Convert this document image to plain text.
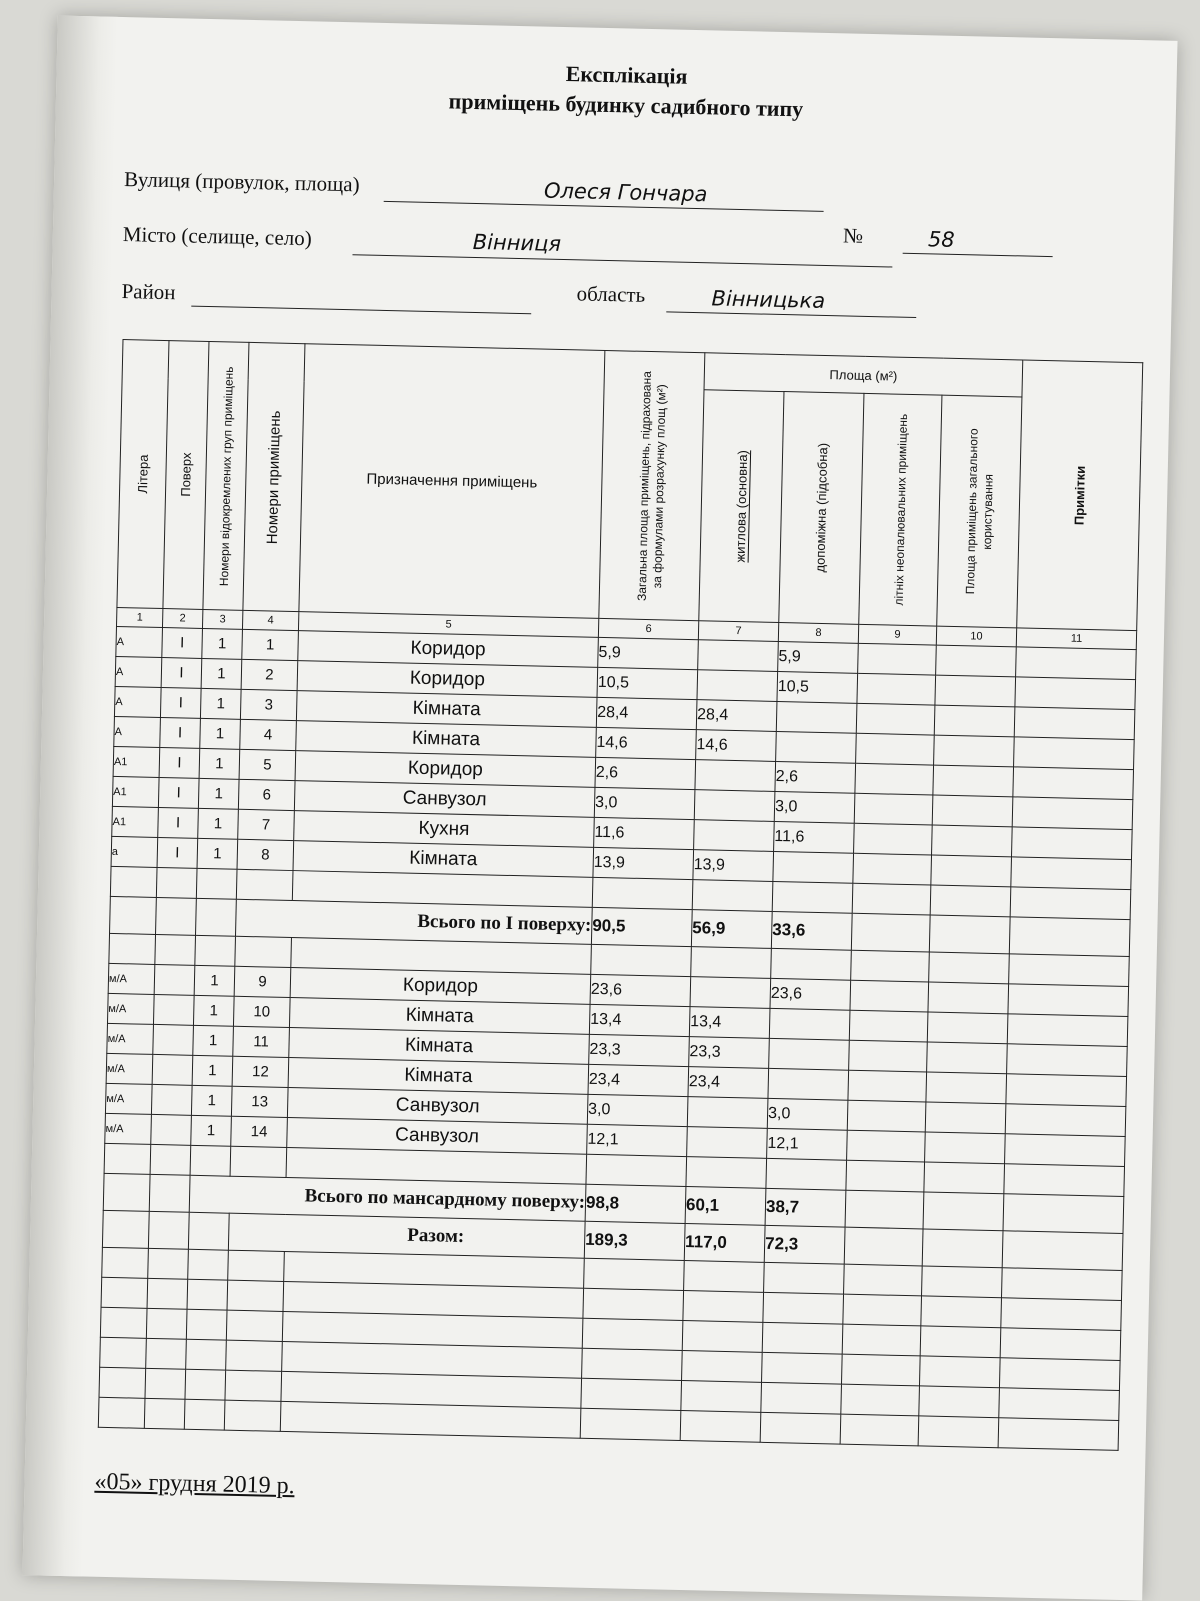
Експлікація
приміщень будинку садибного типу
Вулиця (провулок, площа)	Олеся Гончара
№	58
Місто (селище, село)	Вінниця
Район	область	Вінницька
Літера	Поверх	Номери відокремлених груп приміщень	Номери приміщень	Призначення приміщень	Загальна площа приміщень, підрахована за формулами розрахунку площ (м²)	Площа (м²)				Примітки

						житлова (основна)	допоміжна (підсобна)	літніх неопалювальних приміщень	Площа приміщень загального користування	

1	2	3	4	5	6	7	8	9	10	11
А	I	1	1	Коридор	5,9		5,9			
А	I	1	2	Коридор	10,5		10,5			
А	I	1	3	Кімната	28,4	28,4				
А	I	1	4	Кімната	14,6	14,6				
А1	I	1	5	Коридор	2,6		2,6			
А1	I	1	6	Санвузол	3,0		3,0			
А1	I	1	7	Кухня	11,6		11,6			
а	I	1	8	Кімната	13,9	13,9				

			Всього по I поверху:		90,5	56,9	33,6			

м/А		1	9	Коридор	23,6		23,6			
м/А		1	10	Кімната	13,4	13,4				
м/А		1	11	Кімната	23,3	23,3				
м/А		1	12	Кімната	23,4	23,4				
м/А		1	13	Санвузол	3,0		3,0			
м/А		1	14	Санвузол	12,1		12,1			

		Всього по мансардному поверху:			98,8	60,1	38,7			
			Разом:		189,3	117,0	72,3			

«05» грудня 2019 р.
